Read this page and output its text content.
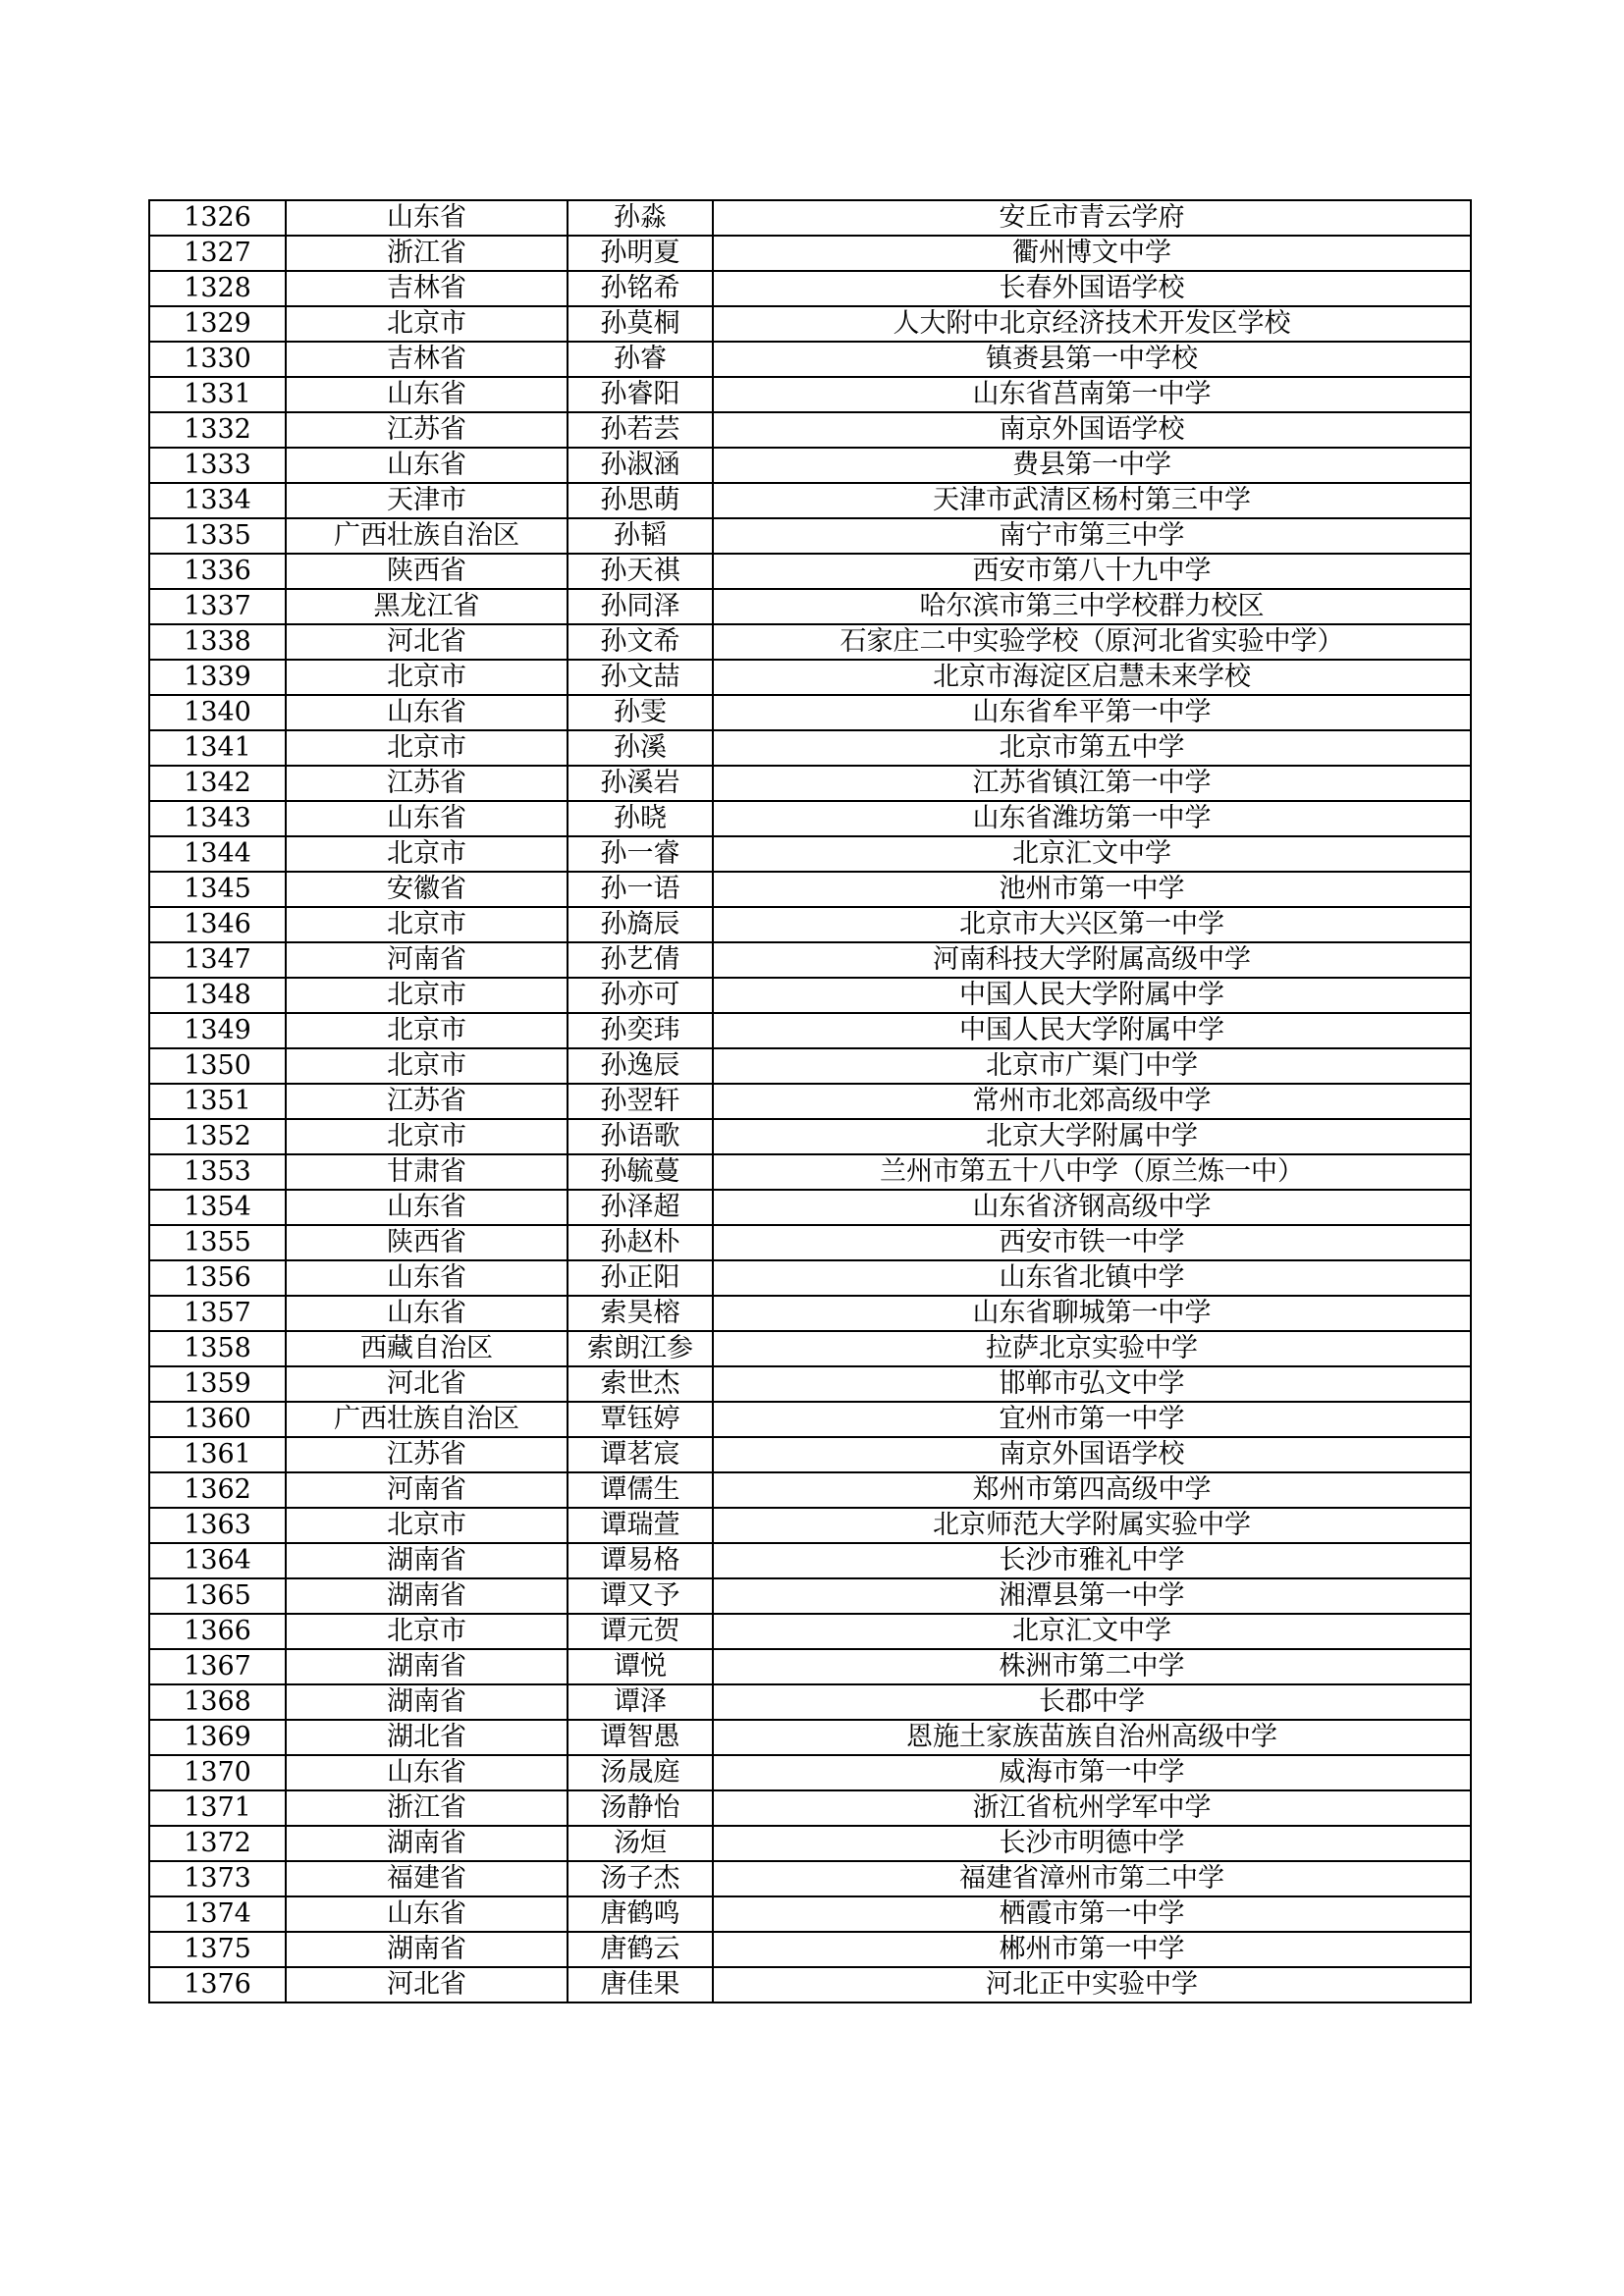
1326	山东省	孙淼	安丘市青云学府
1327	浙江省	孙明夏	衢州博文中学
1328	吉林省	孙铭希	长春外国语学校
1329	北京市	孙莫桐	人大附中北京经济技术开发区学校
1330	吉林省	孙睿	镇赉县第一中学校
1331	山东省	孙睿阳	山东省莒南第一中学
1332	江苏省	孙若芸	南京外国语学校
1333	山东省	孙淑涵	费县第一中学
1334	天津市	孙思萌	天津市武清区杨村第三中学
1335	广西壮族自治区	孙韬	南宁市第三中学
1336	陕西省	孙天祺	西安市第八十九中学
1337	黑龙江省	孙同泽	哈尔滨市第三中学校群力校区
1338	河北省	孙文希	石家庄二中实验学校（原河北省实验中学）
1339	北京市	孙文喆	北京市海淀区启慧未来学校
1340	山东省	孙雯	山东省牟平第一中学
1341	北京市	孙溪	北京市第五中学
1342	江苏省	孙溪岩	江苏省镇江第一中学
1343	山东省	孙晓	山东省潍坊第一中学
1344	北京市	孙一睿	北京汇文中学
1345	安徽省	孙一语	池州市第一中学
1346	北京市	孙旖辰	北京市大兴区第一中学
1347	河南省	孙艺倩	河南科技大学附属高级中学
1348	北京市	孙亦可	中国人民大学附属中学
1349	北京市	孙奕玮	中国人民大学附属中学
1350	北京市	孙逸辰	北京市广渠门中学
1351	江苏省	孙翌轩	常州市北郊高级中学
1352	北京市	孙语歌	北京大学附属中学
1353	甘肃省	孙毓蔓	兰州市第五十八中学（原兰炼一中）
1354	山东省	孙泽超	山东省济钢高级中学
1355	陕西省	孙赵朴	西安市铁一中学
1356	山东省	孙正阳	山东省北镇中学
1357	山东省	索昊榕	山东省聊城第一中学
1358	西藏自治区	索朗江参	拉萨北京实验中学
1359	河北省	索世杰	邯郸市弘文中学
1360	广西壮族自治区	覃钰婷	宜州市第一中学
1361	江苏省	谭茗宸	南京外国语学校
1362	河南省	谭儒生	郑州市第四高级中学
1363	北京市	谭瑞萱	北京师范大学附属实验中学
1364	湖南省	谭易格	长沙市雅礼中学
1365	湖南省	谭又予	湘潭县第一中学
1366	北京市	谭元贺	北京汇文中学
1367	湖南省	谭悦	株洲市第二中学
1368	湖南省	谭泽	长郡中学
1369	湖北省	谭智愚	恩施土家族苗族自治州高级中学
1370	山东省	汤晟庭	威海市第一中学
1371	浙江省	汤静怡	浙江省杭州学军中学
1372	湖南省	汤烜	长沙市明德中学
1373	福建省	汤子杰	福建省漳州市第二中学
1374	山东省	唐鹤鸣	栖霞市第一中学
1375	湖南省	唐鹤云	郴州市第一中学
1376	河北省	唐佳果	河北正中实验中学
